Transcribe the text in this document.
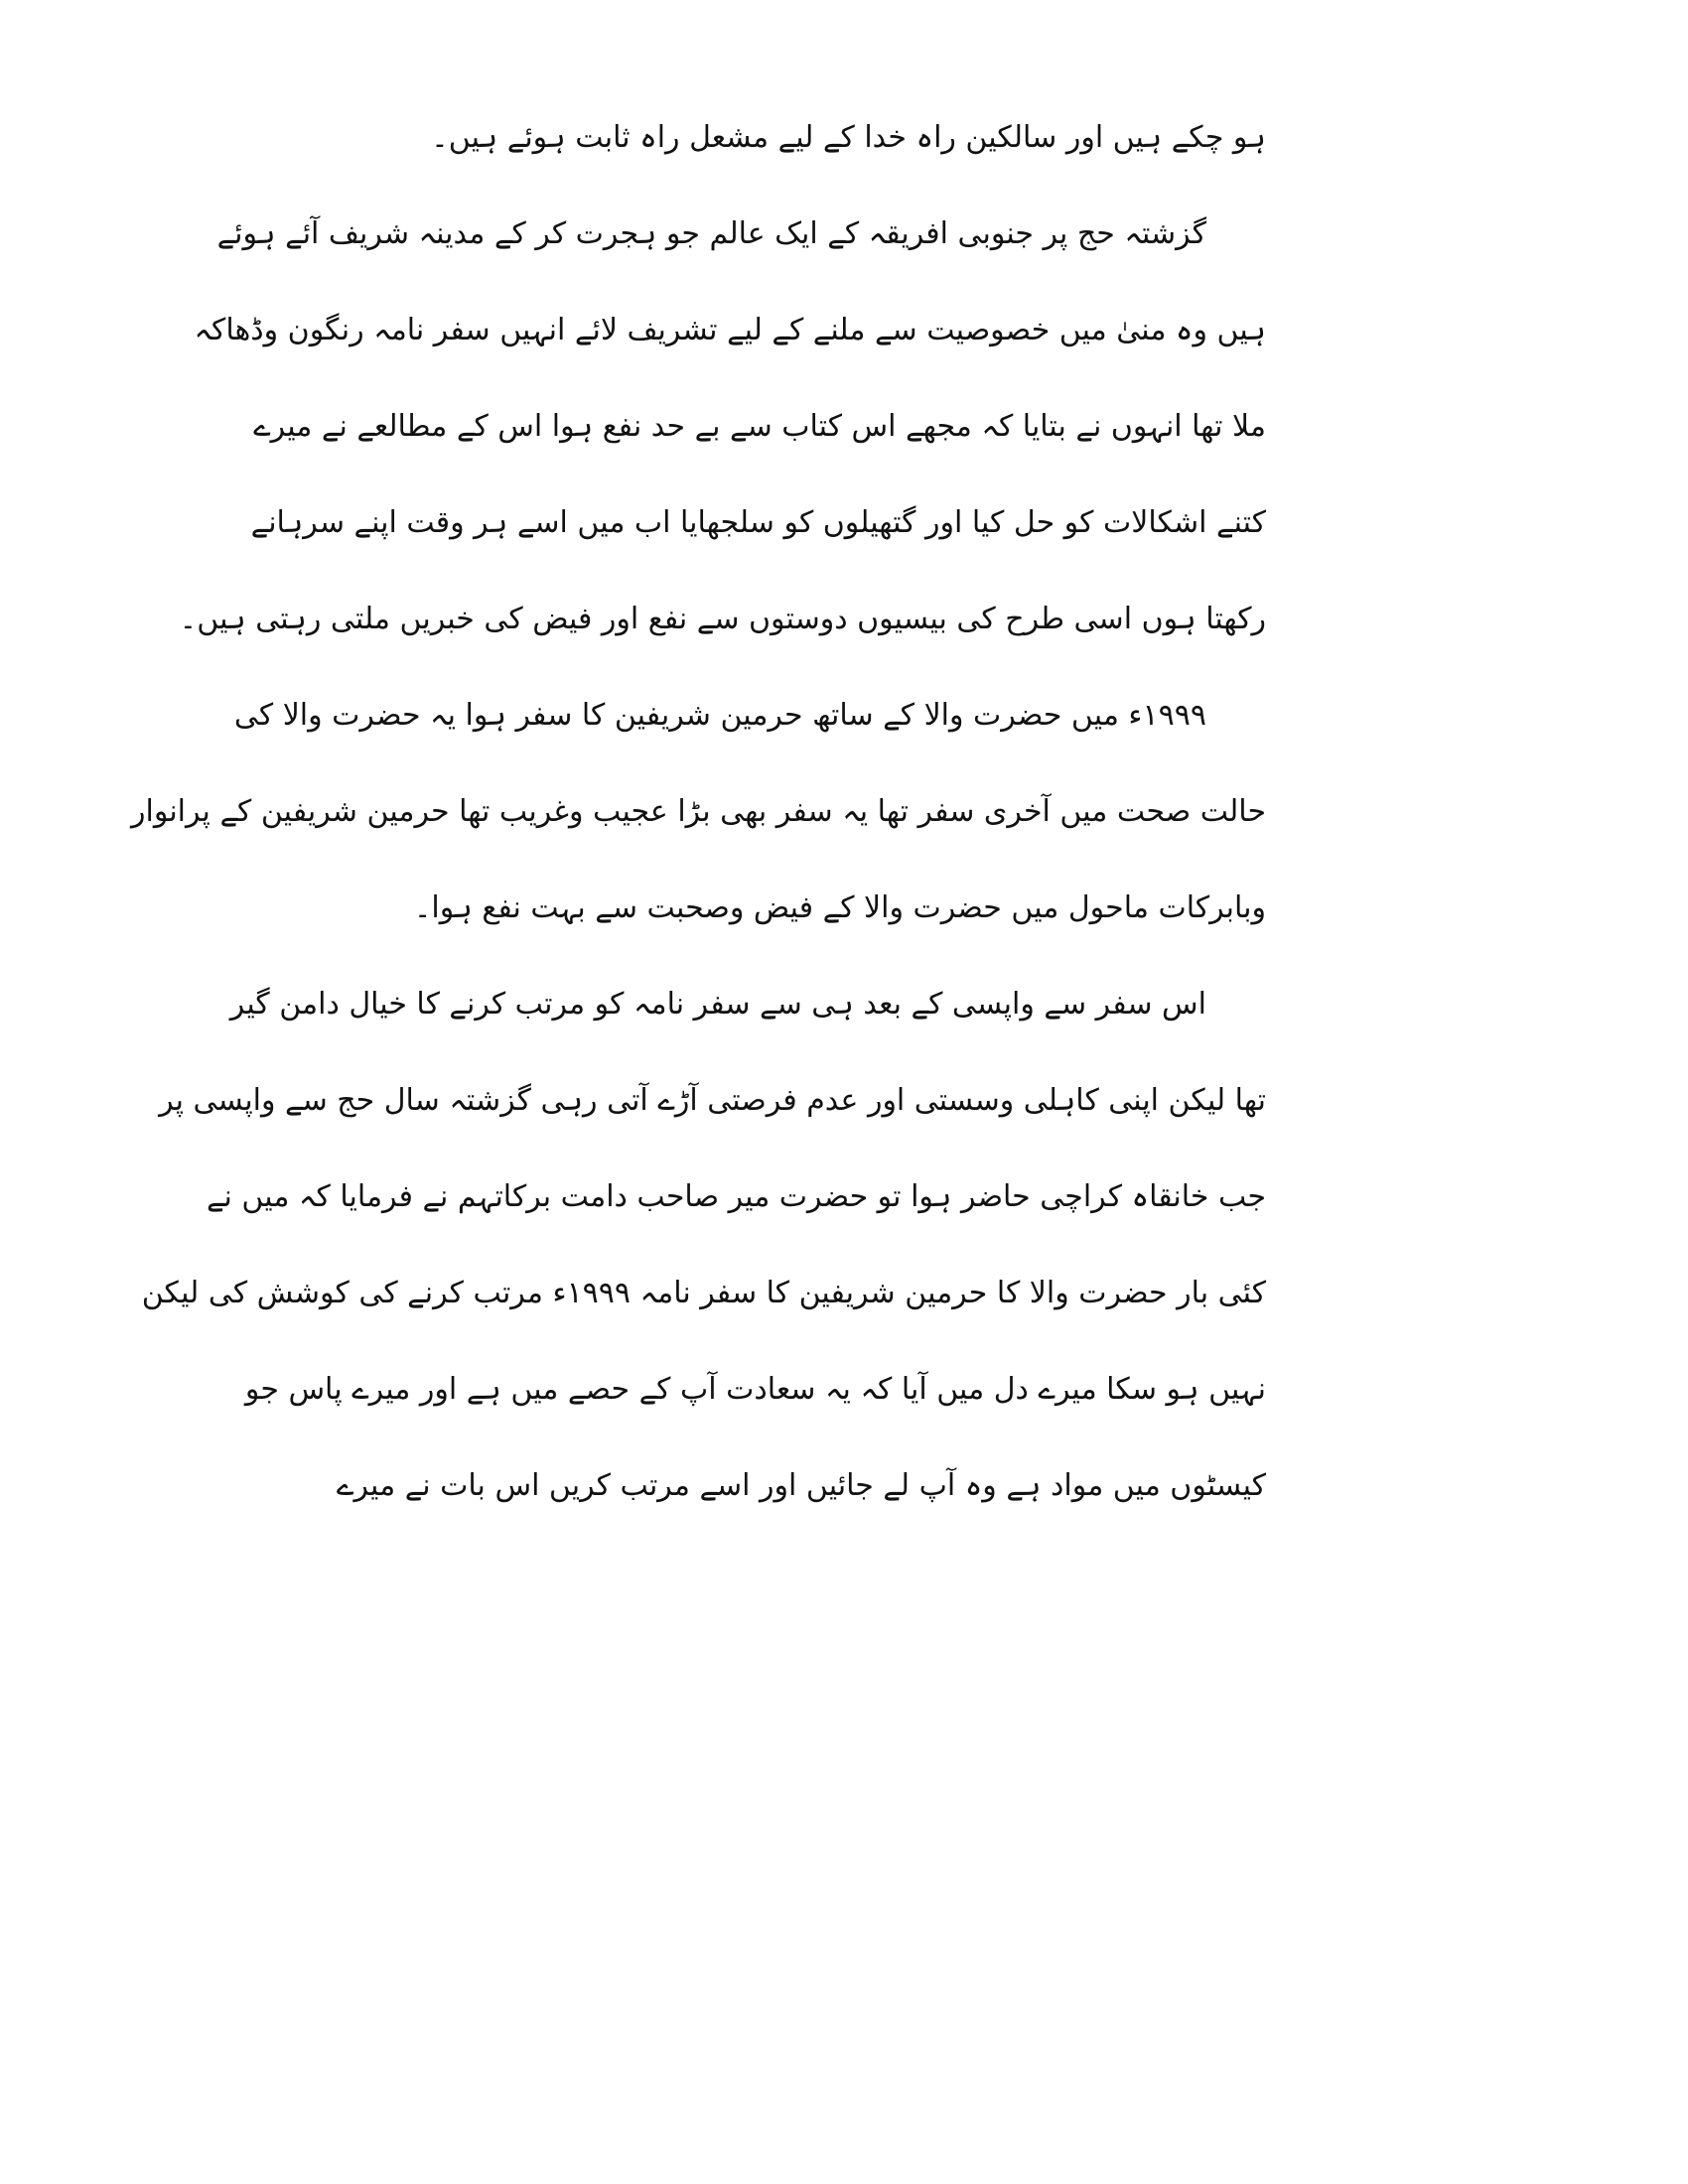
ہو چکے ہیں اور سالکین راہ خدا کے لیے مشعل راہ ثابت ہوئے ہیں۔
گزشتہ حج پر جنوبی افریقہ کے ایک عالم جو ہجرت کر کے مدینہ شریف آئے ہوئے
ہیں وہ منیٰ میں خصوصیت سے ملنے کے لیے تشریف لائے انہیں سفر نامہ رنگون وڈھاکہ
ملا تھا انہوں نے بتایا کہ مجھے اس کتاب سے بے حد نفع ہوا اس کے مطالعے نے میرے
کتنے اشکالات کو حل کیا اور گتھیلوں کو سلجھایا اب میں اسے ہر وقت اپنے سرہانے
رکھتا ہوں اسی طرح کی بیسیوں دوستوں سے نفع اور فیض کی خبریں ملتی رہتی ہیں۔
۱۹۹۹ء میں حضرت والا کے ساتھ حرمین شریفین کا سفر ہوا یہ حضرت والا کی
حالت صحت میں آخری سفر تھا یہ سفر بھی بڑا عجیب وغریب تھا حرمین شریفین کے پرانوار
وبابرکات ماحول میں حضرت والا کے فیض وصحبت سے بہت نفع ہوا۔
اس سفر سے واپسی کے بعد ہی سے سفر نامہ کو مرتب کرنے کا خیال دامن گیر
تھا لیکن اپنی کاہلی وسستی اور عدم فرصتی آڑے آتی رہی گزشتہ سال حج سے واپسی پر
جب خانقاہ کراچی حاضر ہوا تو حضرت میر صاحب دامت برکاتہم نے فرمایا کہ میں نے
کئی بار حضرت والا کا حرمین شریفین کا سفر نامہ ۱۹۹۹ء مرتب کرنے کی کوشش کی لیکن
نہیں ہو سکا میرے دل میں آیا کہ یہ سعادت آپ کے حصے میں ہے اور میرے پاس جو
کیسٹوں میں مواد ہے وہ آپ لے جائیں اور اسے مرتب کریں اس بات نے میرے
